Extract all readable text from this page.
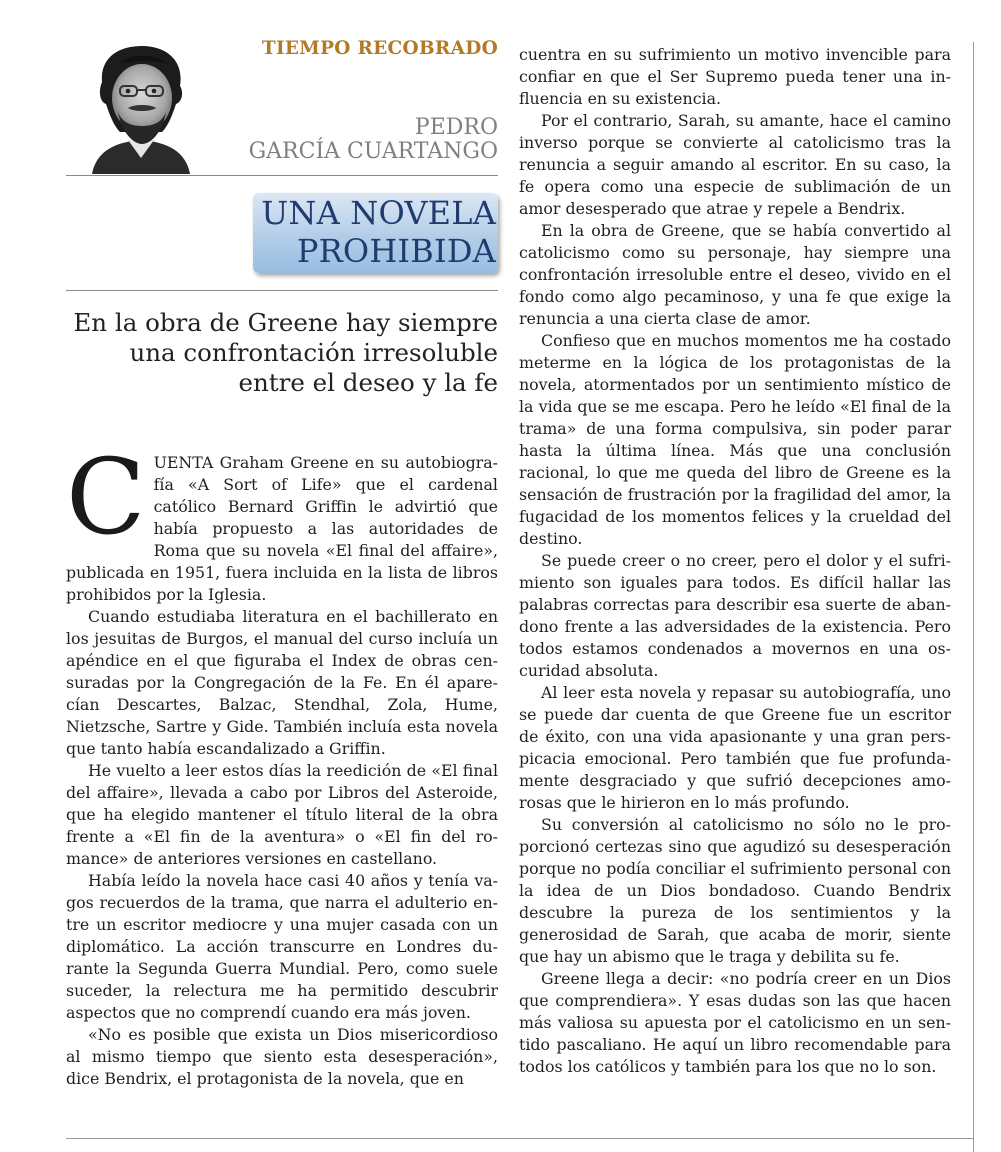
TIEMPO RECOBRADO
PEDRO
GARCÍA CUARTANGO
UNA NOVELA
PROHIBIDA

En la obra de Greene hay siempre una confrontación irresoluble entre el deseo y la fe

CUENTA Graham Greene en su autobiografía «A Sort of Life» que el cardenal católico Bernard Griffin le advirtió que había propuesto a las autoridades de Roma que su novela «El final del affaire», publicada en 1951, fuera incluida en la lista de libros prohibidos por la Iglesia.

Cuando estudiaba literatura en el bachillerato en los jesuitas de Burgos, el manual del curso incluía un apéndice en el que figuraba el Index de obras censuradas por la Congregación de la Fe. En él aparecían Descartes, Balzac, Stendhal, Zola, Hume, Nietzsche, Sartre y Gide. También incluía esta novela que tanto había escandalizado a Griffin.

He vuelto a leer estos días la reedición de «El final del affaire», llevada a cabo por Libros del Asteroide, que ha elegido mantener el título literal de la obra frente a «El fin de la aventura» o «El fin del romance» de anteriores versiones en castellano.

Había leído la novela hace casi 40 años y tenía vagos recuerdos de la trama, que narra el adulterio entre un escritor mediocre y una mujer casada con un diplomático. La acción transcurre en Londres durante la Segunda Guerra Mundial. Pero, como suele suceder, la relectura me ha permitido descubrir aspectos que no comprendí cuando era más joven.

«No es posible que exista un Dios misericordioso al mismo tiempo que siento esta desesperación», dice Bendrix, el protagonista de la novela, que en

cuentra en su sufrimiento un motivo invencible para confiar en que el Ser Supremo pueda tener una influencia en su existencia.

Por el contrario, Sarah, su amante, hace el camino inverso porque se convierte al catolicismo tras la renuncia a seguir amando al escritor. En su caso, la fe opera como una especie de sublimación de un amor desesperado que atrae y repele a Bendrix.

En la obra de Greene, que se había convertido al catolicismo como su personaje, hay siempre una confrontación irresoluble entre el deseo, vivido en el fondo como algo pecaminoso, y una fe que exige la renuncia a una cierta clase de amor.

Confieso que en muchos momentos me ha costado meterme en la lógica de los protagonistas de la novela, atormentados por un sentimiento místico de la vida que se me escapa. Pero he leído «El final de la trama» de una forma compulsiva, sin poder parar hasta la última línea. Más que una conclusión racional, lo que me queda del libro de Greene es la sensación de frustración por la fragilidad del amor, la fugacidad de los momentos felices y la crueldad del destino.

Se puede creer o no creer, pero el dolor y el sufrimiento son iguales para todos. Es difícil hallar las palabras correctas para describir esa suerte de abandono frente a las adversidades de la existencia. Pero todos estamos condenados a movernos en una oscuridad absoluta.

Al leer esta novela y repasar su autobiografía, uno se puede dar cuenta de que Greene fue un escritor de éxito, con una vida apasionante y una gran perspicacia emocional. Pero también que fue profundamente desgraciado y que sufrió decepciones amorosas que le hirieron en lo más profundo.

Su conversión al catolicismo no sólo no le proporcionó certezas sino que agudizó su desesperación porque no podía conciliar el sufrimiento personal con la idea de un Dios bondadoso. Cuando Bendrix descubre la pureza de los sentimientos y la generosidad de Sarah, que acaba de morir, siente que hay un abismo que le traga y debilita su fe.

Greene llega a decir: «no podría creer en un Dios que comprendiera». Y esas dudas son las que hacen más valiosa su apuesta por el catolicismo en un sentido pascaliano. He aquí un libro recomendable para todos los católicos y también para los que no lo son.
